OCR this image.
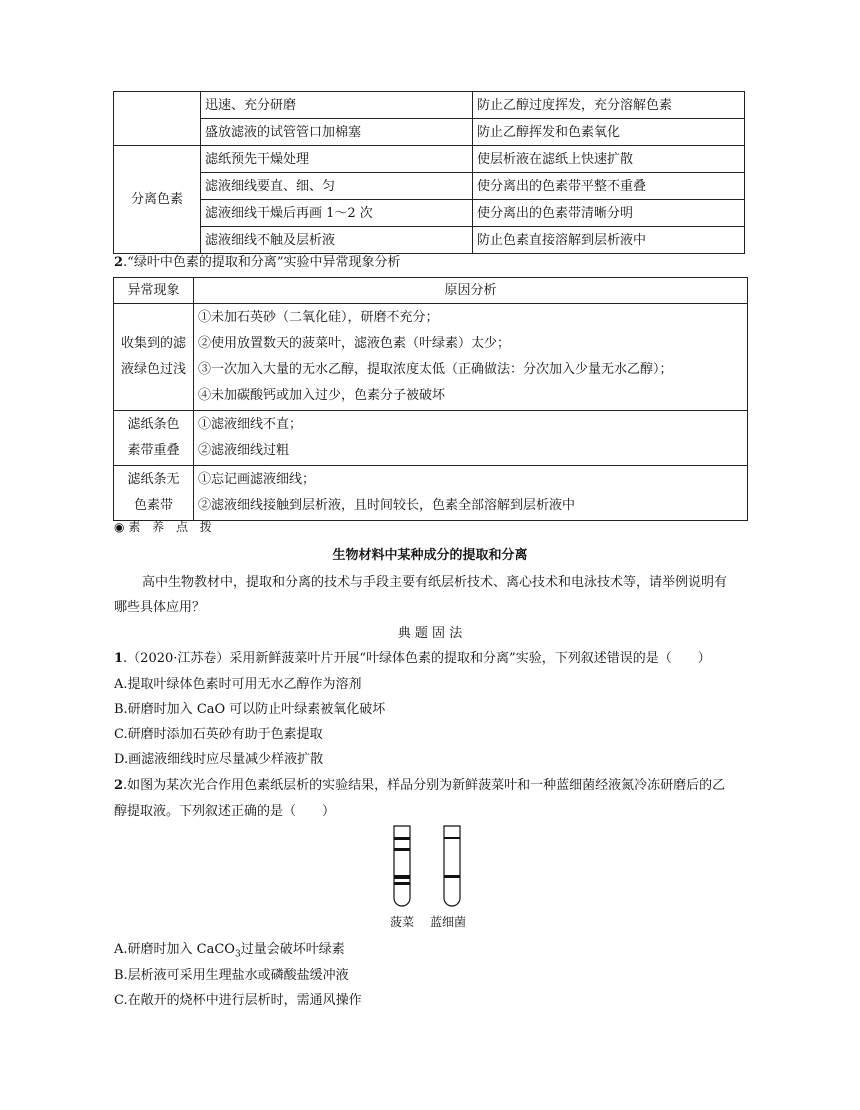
	迅速、充分研磨	防止乙醇过度挥发，充分溶解色素
	盛放滤液的试管管口加棉塞	防止乙醇挥发和色素氧化
分离色素	滤纸预先干燥处理	使层析液在滤纸上快速扩散
	滤液细线要直、细、匀	使分离出的色素带平整不重叠
	滤液细线干燥后再画 1～2 次	使分离出的色素带清晰分明
	滤液细线不触及层析液	防止色素直接溶解到层析液中

2.“绿叶中色素的提取和分离”实验中异常现象分析

异常现象	原因分析

收集到的滤
液绿色过浅	①未加石英砂（二氧化硅），研磨不充分；
②使用放置数天的菠菜叶，滤液色素（叶绿素）太少；
③一次加入大量的无水乙醇，提取浓度太低（正确做法：分次加入少量无水乙醇）；
④未加碳酸钙或加入过少，色素分子被破坏

滤纸条色
素带重叠	①滤液细线不直；
②滤液细线过粗

滤纸条无
色素带	①忘记画滤液细线；
②滤液细线接触到层析液，且时间较长，色素全部溶解到层析液中

◉ 素 养 点 拨

生物材料中某种成分的提取和分离

高中生物教材中，提取和分离的技术与手段主要有纸层析技术、离心技术和电泳技术等，请举例说明有

哪些具体应用？

典 题 固 法

1.（2020·江苏卷）采用新鲜菠菜叶片开展“叶绿体色素的提取和分离”实验，下列叙述错误的是（　　）

A.提取叶绿体色素时可用无水乙醇作为溶剂

B.研磨时加入 CaO 可以防止叶绿素被氧化破坏

C.研磨时添加石英砂有助于色素提取

D.画滤液细线时应尽量减少样液扩散

2.如图为某次光合作用色素纸层析的实验结果，样品分别为新鲜菠菜叶和一种蓝细菌经液氮冷冻研磨后的乙

醇提取液。下列叙述正确的是（　　）

菠菜 蓝细菌

A.研磨时加入 CaCO$_3$过量会破坏叶绿素

B.层析液可采用生理盐水或磷酸盐缓冲液

C.在敞开的烧杯中进行层析时，需通风操作
